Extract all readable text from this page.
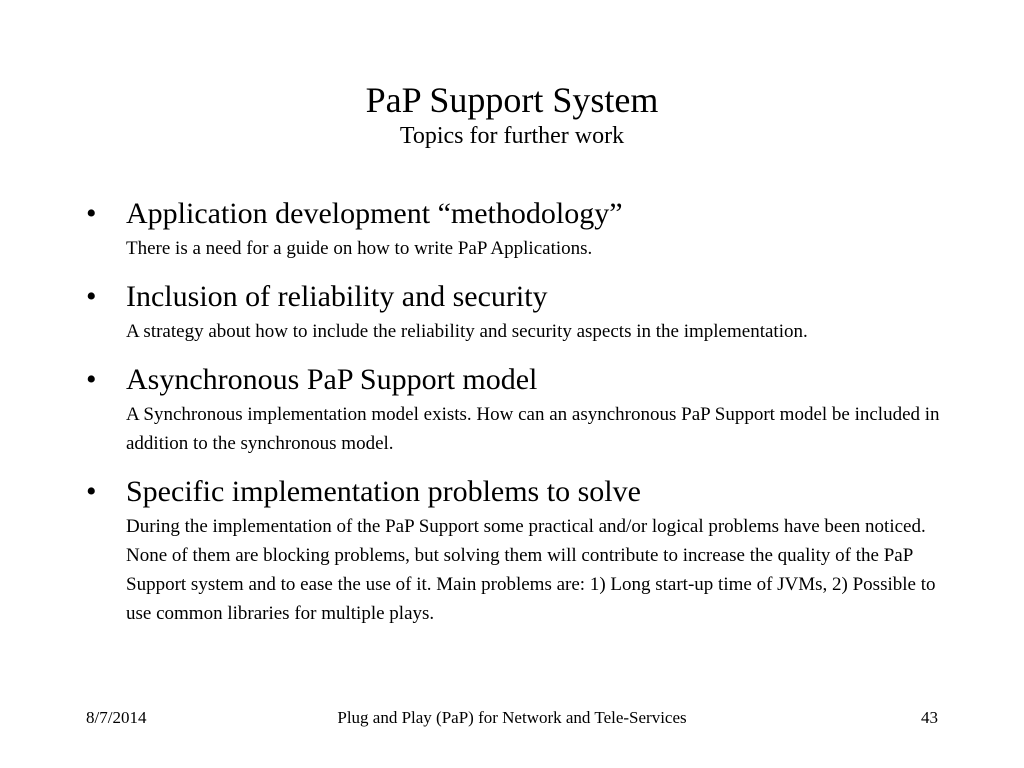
PaP Support System
Topics for further work
• Application development “methodology”
There is a need for a guide on how to write PaP Applications.
• Inclusion of reliability and security
A strategy about how to include the reliability and security aspects in the implementation.
• Asynchronous PaP Support model
A Synchronous implementation model exists. How can an asynchronous PaP Support model be included in addition to the synchronous model.
• Specific implementation problems to solve
During the implementation of the PaP Support some practical and/or logical problems have been noticed. None of them are blocking problems, but solving them will contribute to increase the quality of the PaP Support system and to ease the use of it. Main problems are: 1) Long start-up time of JVMs, 2) Possible to use common libraries for multiple plays.
8/7/2014	Plug and Play (PaP) for Network and Tele-Services	43
